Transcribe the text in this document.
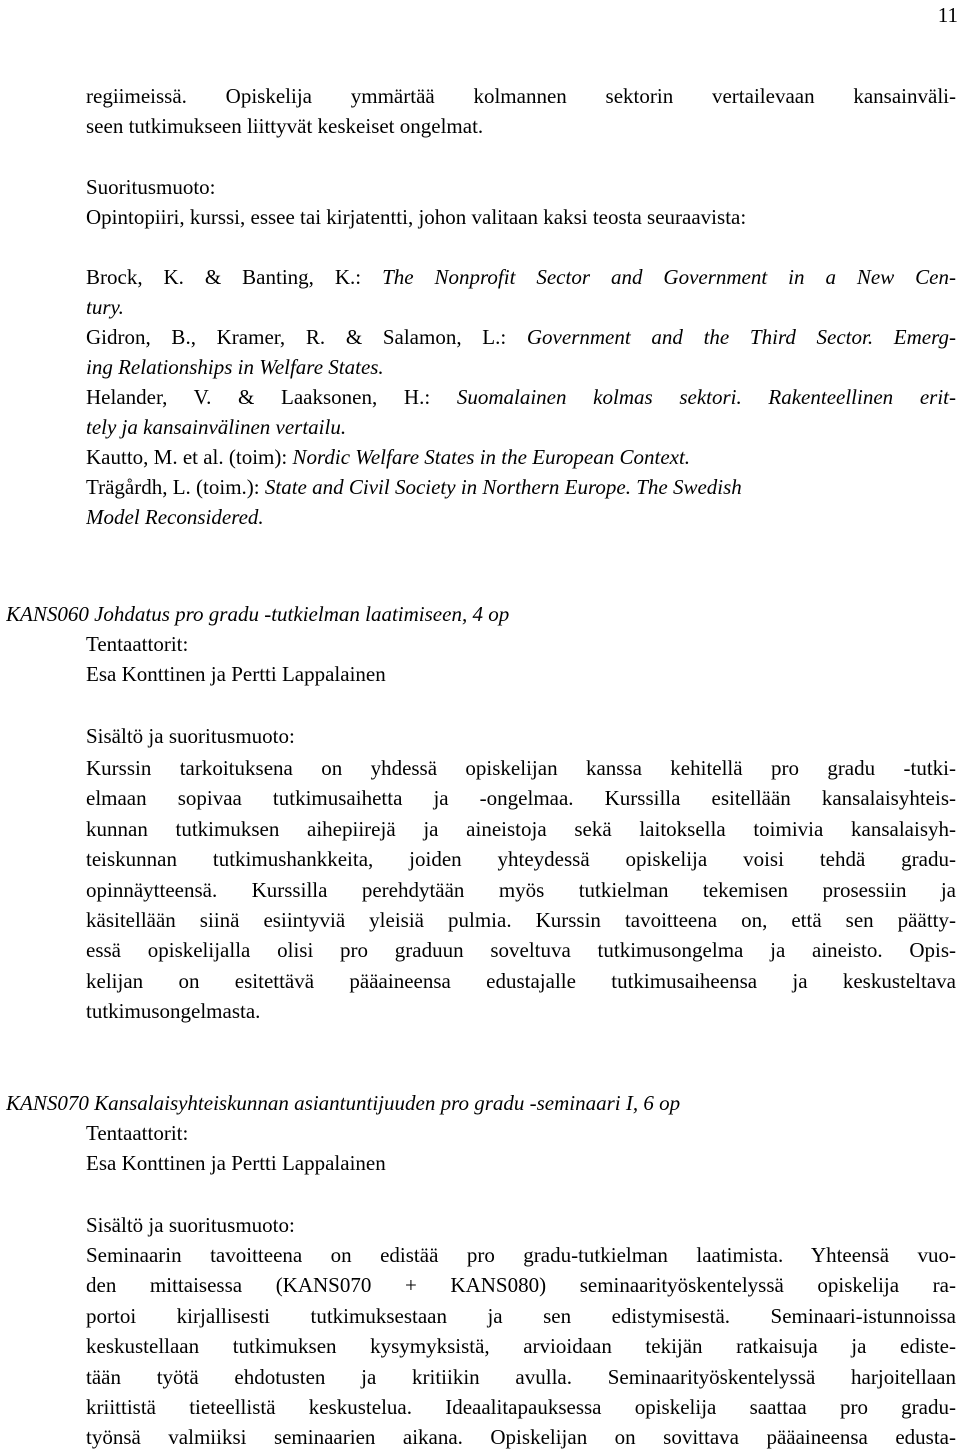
11
regiimeissä. Opiskelija ymmärtää kolmannen sektorin vertailevaan kansainväli-
seen tutkimukseen liittyvät keskeiset ongelmat.
Suoritusmuoto:
Opintopiiri, kurssi, essee tai kirjatentti, johon valitaan kaksi teosta seuraavista:
Brock, K. & Banting, K.: The Nonprofit Sector and Government in a New Cen-
tury.
Gidron, B., Kramer, R. & Salamon, L.: Government and the Third Sector. Emerg-
ing Relationships in Welfare States.
Helander, V. & Laaksonen, H.: Suomalainen kolmas sektori. Rakenteellinen erit-
tely ja kansainvälinen vertailu.
Kautto, M. et al. (toim): Nordic Welfare States in the European Context.
Trägårdh, L. (toim.): State and Civil Society in Northern Europe. The Swedish
Model Reconsidered.
KANS060 Johdatus pro gradu -tutkielman laatimiseen, 4 op
Tentaattorit:
Esa Konttinen ja Pertti Lappalainen
Sisältö ja suoritusmuoto:
Kurssin tarkoituksena on yhdessä opiskelijan kanssa kehitellä pro gradu -tutki-
elmaan sopivaa tutkimusaihetta ja -ongelmaa. Kurssilla esitellään kansalaisyhteis-
kunnan tutkimuksen aihepiirejä ja aineistoja sekä laitoksella toimivia kansalaisyh-
teiskunnan tutkimushankkeita, joiden yhteydessä opiskelija voisi tehdä gradu-
opinnäytteensä. Kurssilla perehdytään myös tutkielman tekemisen prosessiin ja
käsitellään siinä esiintyviä yleisiä pulmia. Kurssin tavoitteena on, että sen päätty-
essä opiskelijalla olisi pro graduun soveltuva tutkimusongelma ja aineisto. Opis-
kelijan on esitettävä pääaineensa edustajalle tutkimusaiheensa ja keskusteltava
tutkimusongelmasta.
KANS070 Kansalaisyhteiskunnan asiantuntijuuden pro gradu -seminaari I, 6 op
Tentaattorit:
Esa Konttinen ja Pertti Lappalainen
Sisältö ja suoritusmuoto:
Seminaarin tavoitteena on edistää pro gradu-tutkielman laatimista. Yhteensä vuo-
den mittaisessa (KANS070 + KANS080) seminaarityöskentelyssä opiskelija ra-
portoi kirjallisesti tutkimuksestaan ja sen edistymisestä. Seminaari-istunnoissa
keskustellaan tutkimuksen kysymyksistä, arvioidaan tekijän ratkaisuja ja ediste-
tään työtä ehdotusten ja kritiikin avulla. Seminaarityöskentelyssä harjoitellaan
kriittistä tieteellistä keskustelua. Ideaalitapauksessa opiskelija saattaa pro gradu-
työnsä valmiiksi seminaarien aikana. Opiskelijan on sovittava pääaineensa edusta-
